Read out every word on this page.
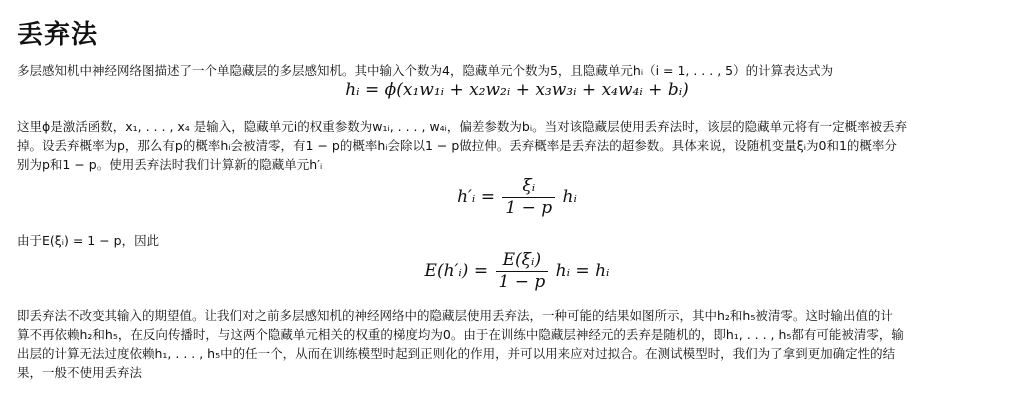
丢弃法

多层感知机中神经网络图描述了一个单隐藏层的多层感知机。其中输入个数为4，隐藏单元个数为5，且隐藏单元hᵢ（i = 1, . . . , 5）的计算表达式为

hᵢ = ϕ(x₁w₁ᵢ + x₂w₂ᵢ + x₃w₃ᵢ + x₄w₄ᵢ + bᵢ)

这里ϕ是激活函数，x₁, . . . , x₄ 是输入，隐藏单元i的权重参数为w₁ᵢ, . . . , w₄ᵢ，偏差参数为bᵢ。当对该隐藏层使用丢弃法时，该层的隐藏单元将有一定概率被丢弃

掉。设丢弃概率为p，那么有p的概率hᵢ会被清零，有1 − p的概率hᵢ会除以1 − p做拉伸。丢弃概率是丢弃法的超参数。具体来说，设随机变量ξᵢ为0和1的概率分

别为p和1 − p。使用丢弃法时我们计算新的隐藏单元h′ᵢ

h′ᵢ = $\frac{\text{ξᵢ}}{1 - p}$ hᵢ

由于E(ξᵢ) = 1 − p，因此

E(h′ᵢ) = $\frac{\text{E(ξᵢ)}}{1 - p}$ hᵢ = hᵢ

即丢弃法不改变其输入的期望值。让我们对之前多层感知机的神经网络中的隐藏层使用丢弃法，一种可能的结果如图所示，其中h₂和h₅被清零。这时输出值的计

算不再依赖h₂和h₅，在反向传播时，与这两个隐藏单元相关的权重的梯度均为0。由于在训练中隐藏层神经元的丢弃是随机的，即h₁, . . . , h₅都有可能被清零，输

出层的计算无法过度依赖h₁, . . . , h₅中的任一个，从而在训练模型时起到正则化的作用，并可以用来应对过拟合。在测试模型时，我们为了拿到更加确定性的结

果，一般不使用丢弃法
